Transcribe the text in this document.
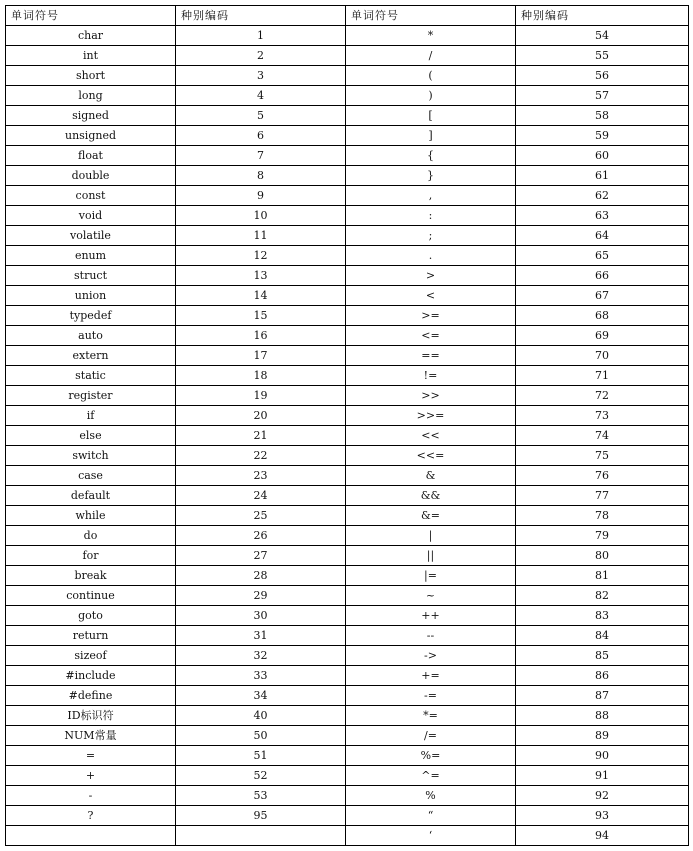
单词符号	种别编码	单词符号	种别编码
char	1	*	54
int	2	/	55
short	3	(	56
long	4	)	57
signed	5	[	58
unsigned	6	]	59
float	7	{	60
double	8	}	61
const	9	,	62
void	10	:	63
volatile	11	;	64
enum	12	.	65
struct	13	>	66
union	14	<	67
typedef	15	>=	68
auto	16	<=	69
extern	17	==	70
static	18	!=	71
register	19	>>	72
if	20	>>=	73
else	21	<<	74
switch	22	<<=	75
case	23	&	76
default	24	&&	77
while	25	&=	78
do	26	|	79
for	27	||	80
break	28	|=	81
continue	29	~	82
goto	30	++	83
return	31	--	84
sizeof	32	->	85
#include	33	+=	86
#define	34	-=	87
ID标识符	40	*=	88
NUM常量	50	/=	89
=	51	%=	90
+	52	^=	91
-	53	%	92
?	95	“	93
		‘	94
